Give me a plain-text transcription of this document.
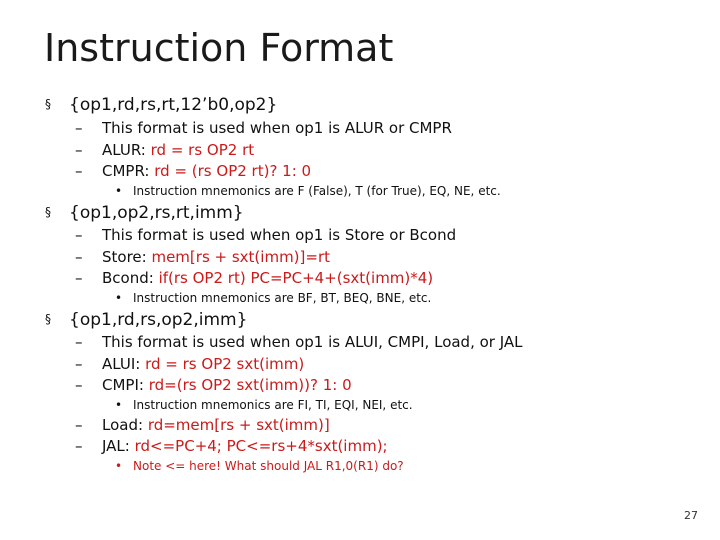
Instruction Format
§ {op1,rd,rs,rt,12’b0,op2}
– This format is used when op1 is ALUR or CMPR
– ALUR: rd = rs OP2 rt
– CMPR: rd = (rs OP2 rt)? 1: 0
• Instruction mnemonics are F (False), T (for True), EQ, NE, etc.
§ {op1,op2,rs,rt,imm}
– This format is used when op1 is Store or Bcond
– Store: mem[rs + sxt(imm)]=rt
– Bcond: if(rs OP2 rt) PC=PC+4+(sxt(imm)*4)
• Instruction mnemonics are BF, BT, BEQ, BNE, etc.
§ {op1,rd,rs,op2,imm}
– This format is used when op1 is ALUI, CMPI, Load, or JAL
– ALUI: rd = rs OP2 sxt(imm)
– CMPI: rd=(rs OP2 sxt(imm))? 1: 0
• Instruction mnemonics are FI, TI, EQI, NEI, etc.
– Load: rd=mem[rs + sxt(imm)]
– JAL: rd<=PC+4; PC<=rs+4*sxt(imm);
• Note <= here! What should JAL R1,0(R1) do?
27
